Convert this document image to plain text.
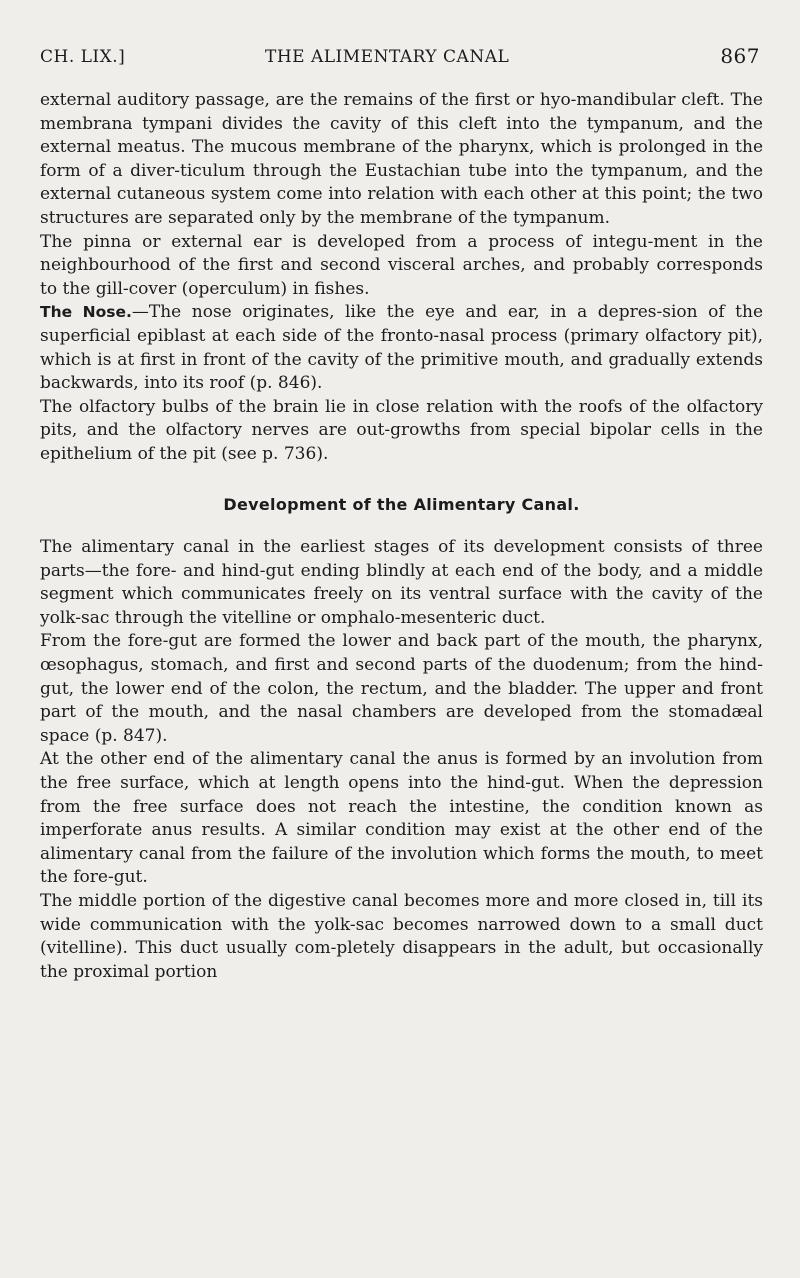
CH. LIX.]	THE ALIMENTARY CANAL	867

external auditory passage, are the remains of the first or hyo-mandibular cleft. The membrana tympani divides the cavity of this cleft into the tympanum, and the external meatus. The mucous membrane of the pharynx, which is prolonged in the form of a diver-ticulum through the Eustachian tube into the tympanum, and the external cutaneous system come into relation with each other at this point; the two structures are separated only by the membrane of the tympanum.

The pinna or external ear is developed from a process of integu-ment in the neighbourhood of the first and second visceral arches, and probably corresponds to the gill-cover (operculum) in fishes.

The Nose.—The nose originates, like the eye and ear, in a depres-sion of the superficial epiblast at each side of the fronto-nasal process (primary olfactory pit), which is at first in front of the cavity of the primitive mouth, and gradually extends backwards, into its roof (p. 846).

The olfactory bulbs of the brain lie in close relation with the roofs of the olfactory pits, and the olfactory nerves are out-growths from special bipolar cells in the epithelium of the pit (see p. 736).

Development of the Alimentary Canal.

The alimentary canal in the earliest stages of its development consists of three parts—the fore- and hind-gut ending blindly at each end of the body, and a middle segment which communicates freely on its ventral surface with the cavity of the yolk-sac through the vitelline or omphalo-mesenteric duct.

From the fore-gut are formed the lower and back part of the mouth, the pharynx, œsophagus, stomach, and first and second parts of the duodenum; from the hind-gut, the lower end of the colon, the rectum, and the bladder. The upper and front part of the mouth, and the nasal chambers are developed from the stomadæal space (p. 847).

At the other end of the alimentary canal the anus is formed by an involution from the free surface, which at length opens into the hind-gut. When the depression from the free surface does not reach the intestine, the condition known as imperforate anus results. A similar condition may exist at the other end of the alimentary canal from the failure of the involution which forms the mouth, to meet the fore-gut.

The middle portion of the digestive canal becomes more and more closed in, till its wide communication with the yolk-sac becomes narrowed down to a small duct (vitelline). This duct usually com-pletely disappears in the adult, but occasionally the proximal portion
